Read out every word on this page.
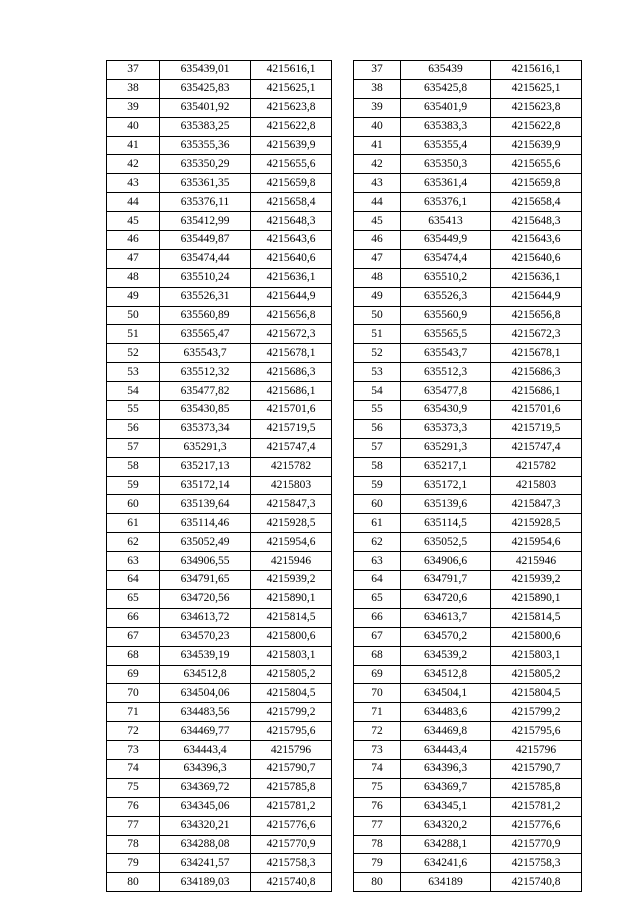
37	635439,01	4215616,1		37	635439	4215616,1
38	635425,83	4215625,1		38	635425,8	4215625,1
39	635401,92	4215623,8		39	635401,9	4215623,8
40	635383,25	4215622,8		40	635383,3	4215622,8
41	635355,36	4215639,9		41	635355,4	4215639,9
42	635350,29	4215655,6		42	635350,3	4215655,6
43	635361,35	4215659,8		43	635361,4	4215659,8
44	635376,11	4215658,4		44	635376,1	4215658,4
45	635412,99	4215648,3		45	635413	4215648,3
46	635449,87	4215643,6		46	635449,9	4215643,6
47	635474,44	4215640,6		47	635474,4	4215640,6
48	635510,24	4215636,1		48	635510,2	4215636,1
49	635526,31	4215644,9		49	635526,3	4215644,9
50	635560,89	4215656,8		50	635560,9	4215656,8
51	635565,47	4215672,3		51	635565,5	4215672,3
52	635543,7	4215678,1		52	635543,7	4215678,1
53	635512,32	4215686,3		53	635512,3	4215686,3
54	635477,82	4215686,1		54	635477,8	4215686,1
55	635430,85	4215701,6		55	635430,9	4215701,6
56	635373,34	4215719,5		56	635373,3	4215719,5
57	635291,3	4215747,4		57	635291,3	4215747,4
58	635217,13	4215782		58	635217,1	4215782
59	635172,14	4215803		59	635172,1	4215803
60	635139,64	4215847,3		60	635139,6	4215847,3
61	635114,46	4215928,5		61	635114,5	4215928,5
62	635052,49	4215954,6		62	635052,5	4215954,6
63	634906,55	4215946		63	634906,6	4215946
64	634791,65	4215939,2		64	634791,7	4215939,2
65	634720,56	4215890,1		65	634720,6	4215890,1
66	634613,72	4215814,5		66	634613,7	4215814,5
67	634570,23	4215800,6		67	634570,2	4215800,6
68	634539,19	4215803,1		68	634539,2	4215803,1
69	634512,8	4215805,2		69	634512,8	4215805,2
70	634504,06	4215804,5		70	634504,1	4215804,5
71	634483,56	4215799,2		71	634483,6	4215799,2
72	634469,77	4215795,6		72	634469,8	4215795,6
73	634443,4	4215796		73	634443,4	4215796
74	634396,3	4215790,7		74	634396,3	4215790,7
75	634369,72	4215785,8		75	634369,7	4215785,8
76	634345,06	4215781,2		76	634345,1	4215781,2
77	634320,21	4215776,6		77	634320,2	4215776,6
78	634288,08	4215770,9		78	634288,1	4215770,9
79	634241,57	4215758,3		79	634241,6	4215758,3
80	634189,03	4215740,8		80	634189	4215740,8
